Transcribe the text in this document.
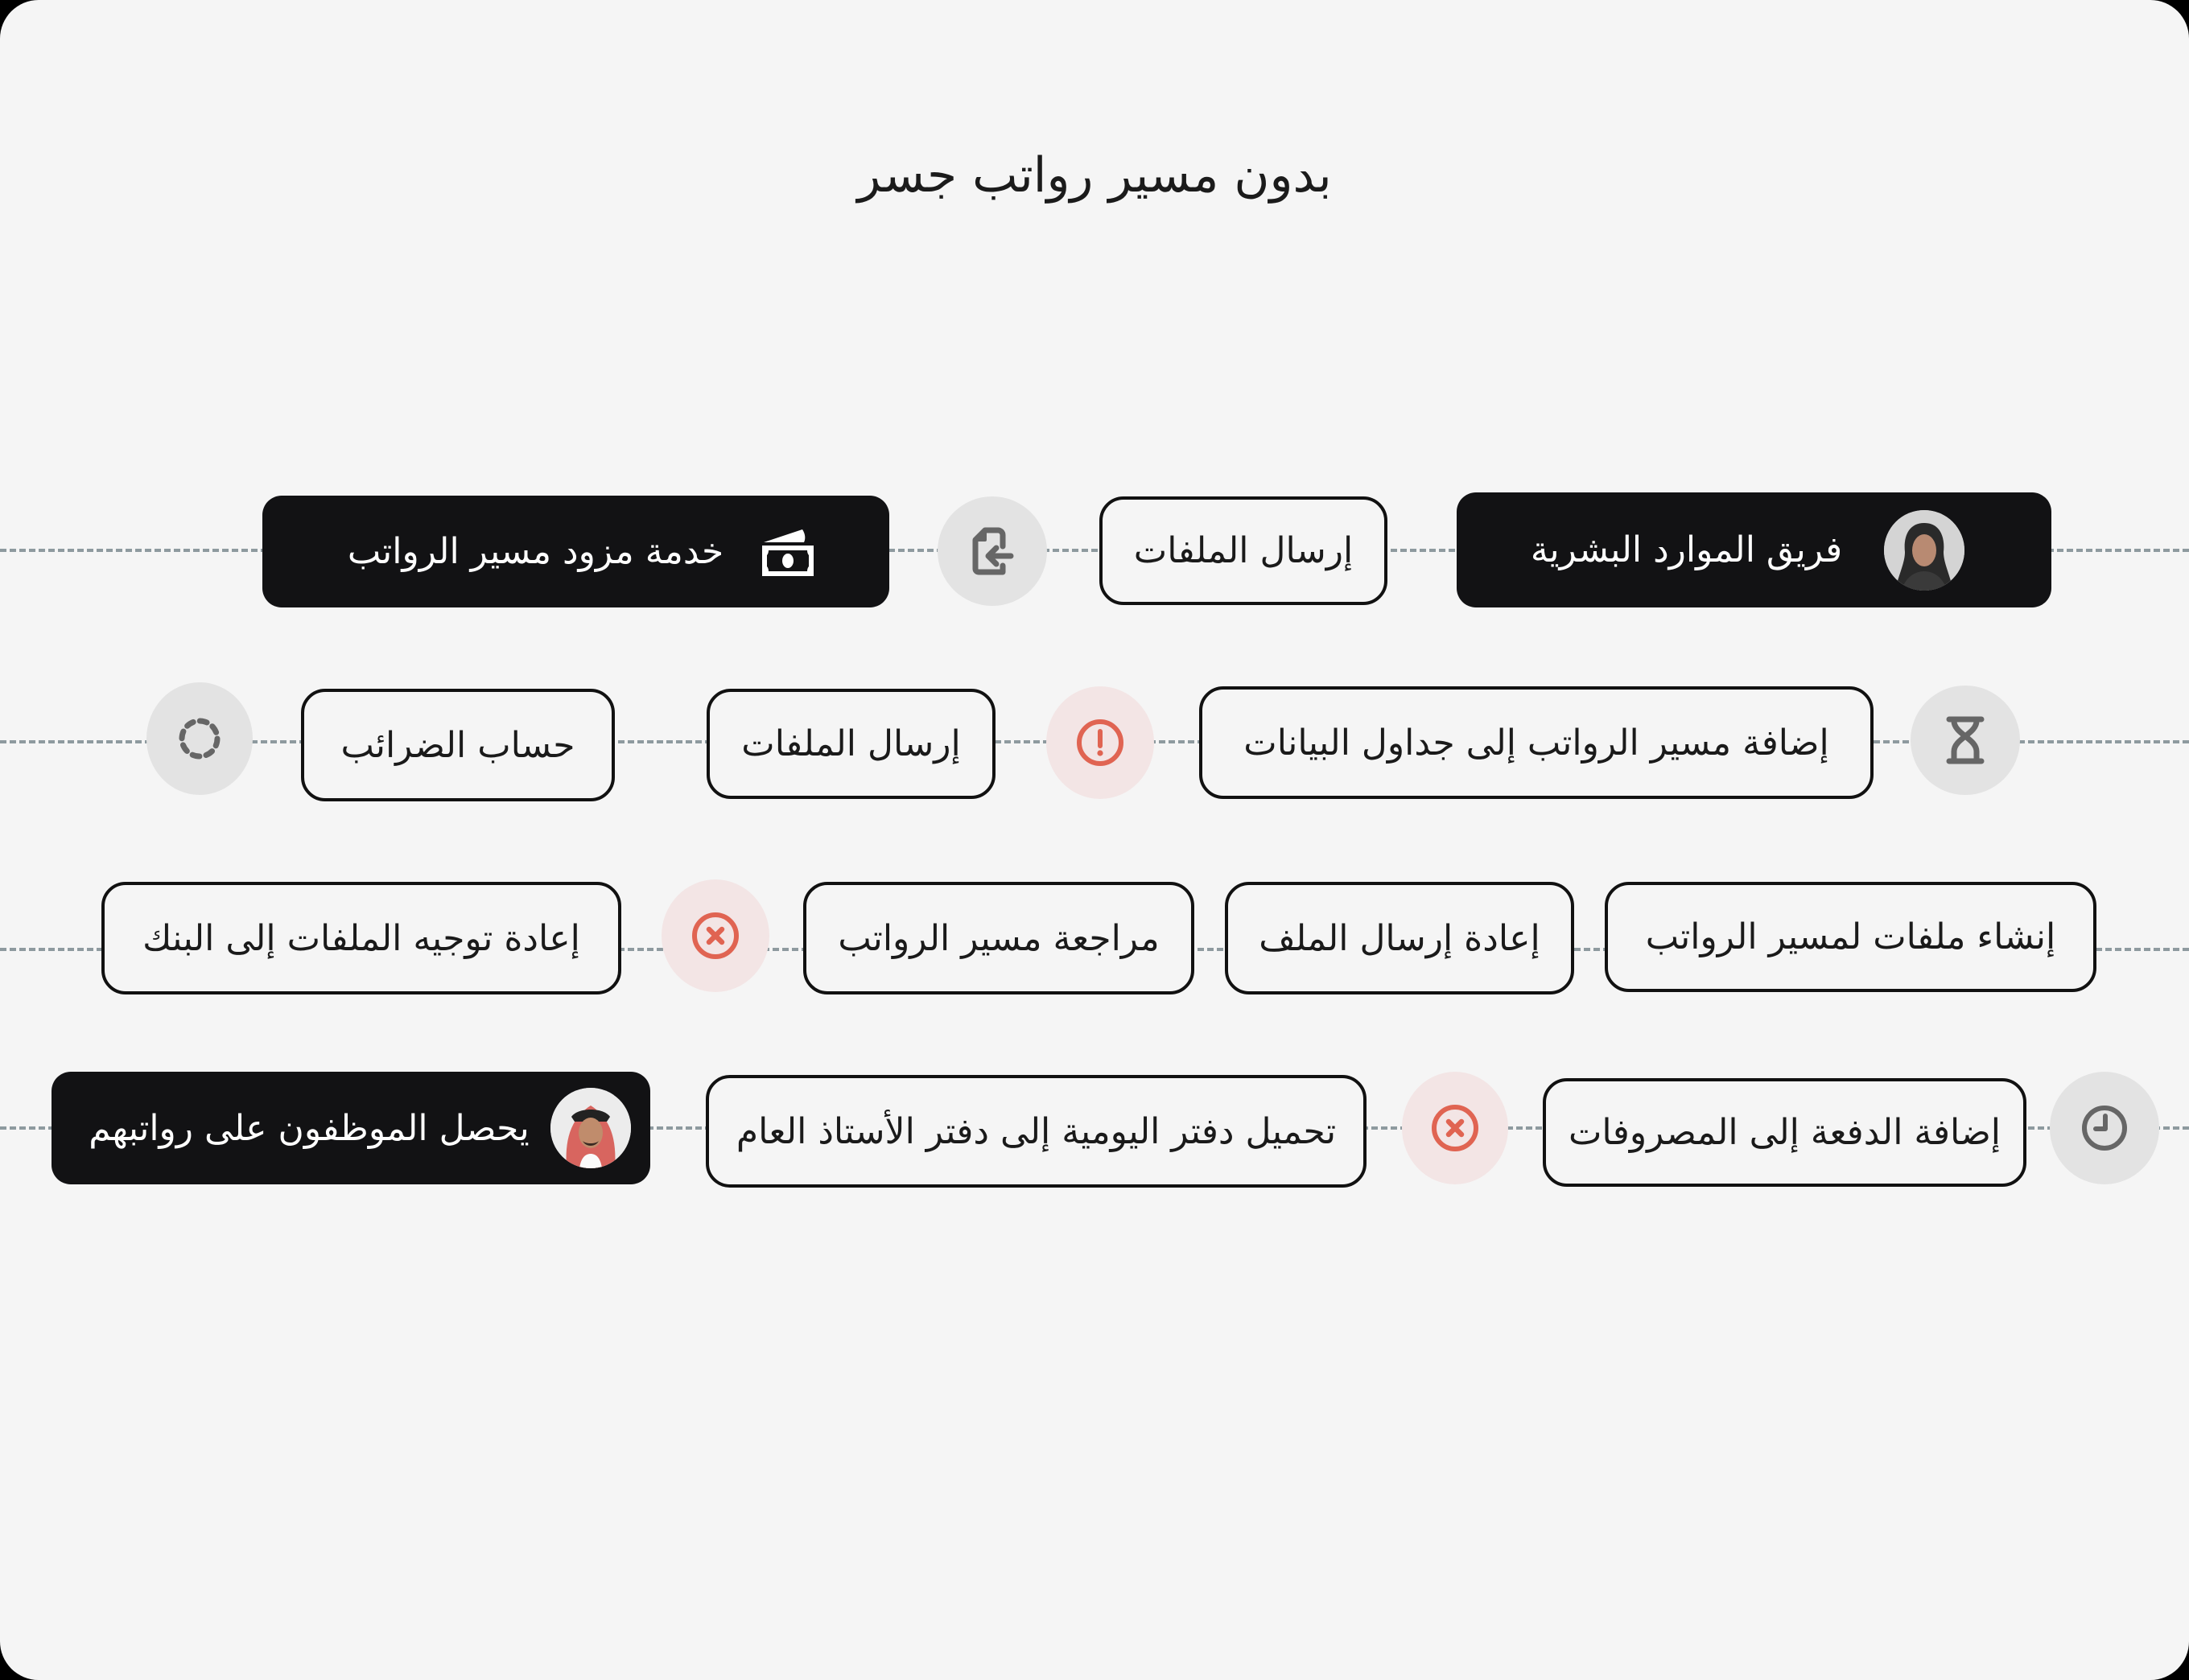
بدون مسير رواتب جسر
فريق الموارد البشرية
إرسال الملفات
خدمة مزود مسير الرواتب
إضافة مسير الرواتب إلى جداول البيانات
إرسال الملفات
حساب الضرائب
إنشاء ملفات لمسير الرواتب
إعادة إرسال الملف
مراجعة مسير الرواتب
إعادة توجيه الملفات إلى البنك
إضافة الدفعة إلى المصروفات
تحميل دفتر اليومية إلى دفتر الأستاذ العام
يحصل الموظفون على رواتبهم
